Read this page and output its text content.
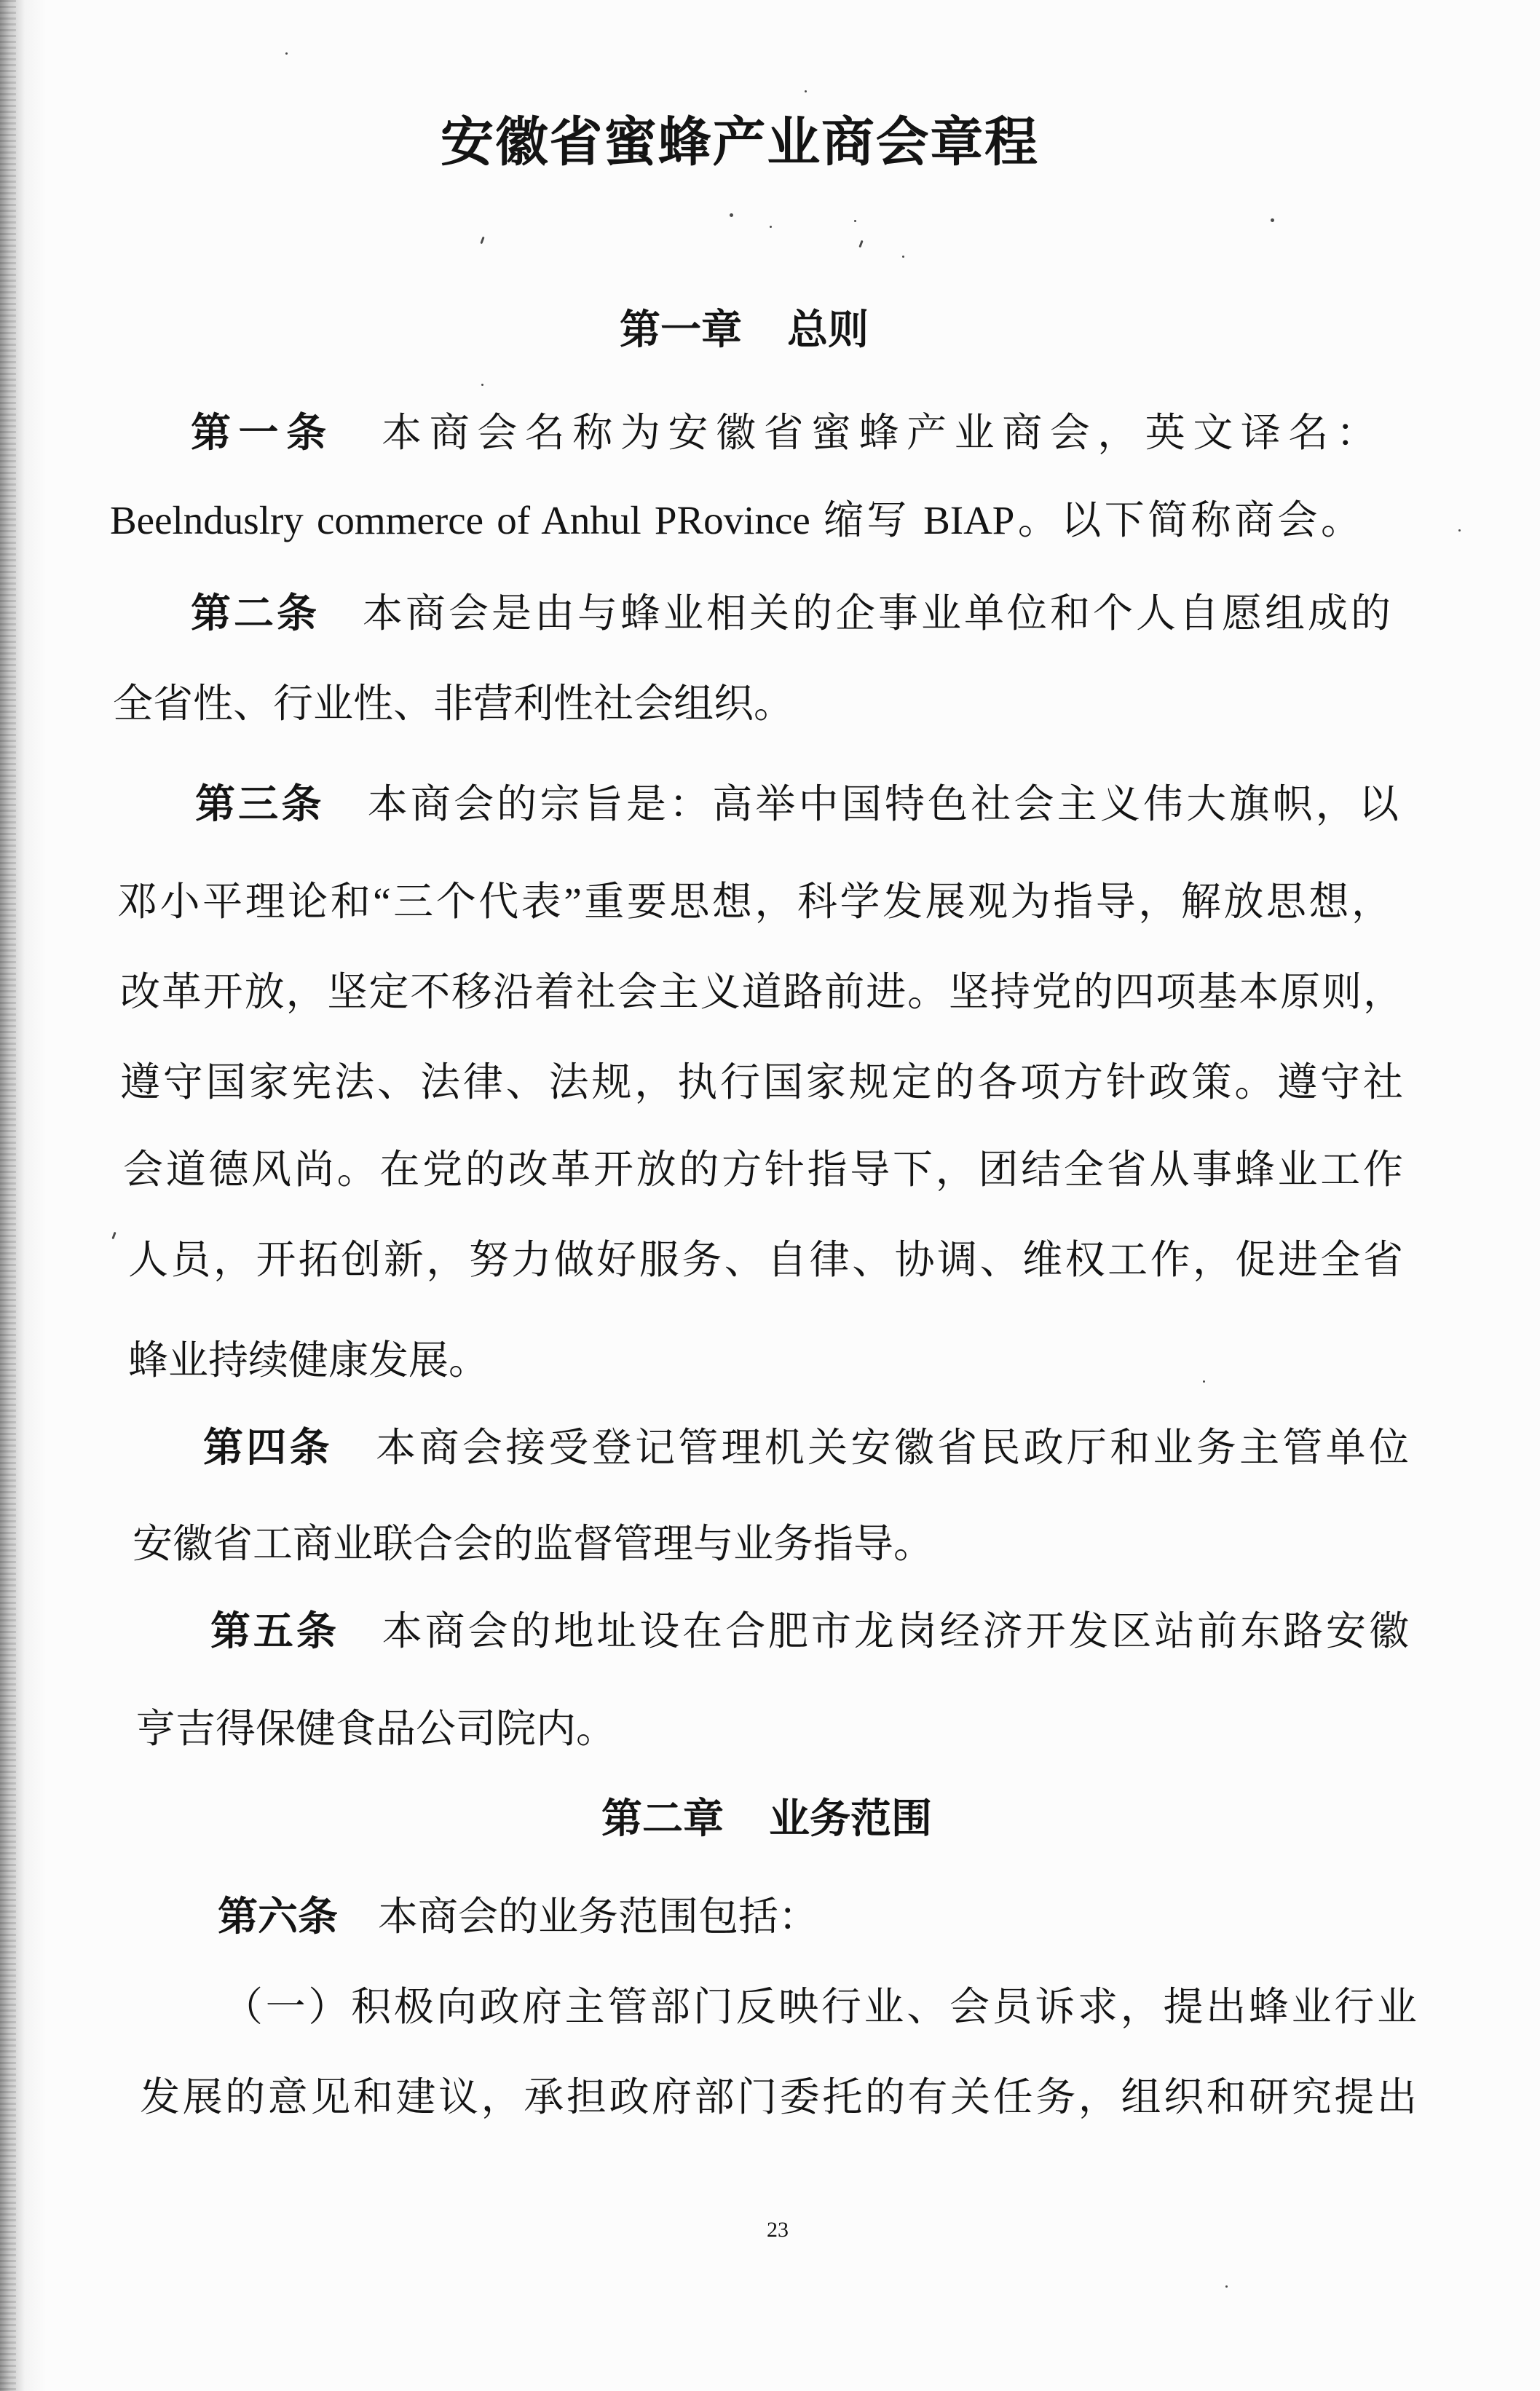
安徽省蜜蜂产业商会章程
第一章 总则
第一条 本商会名称为安徽省蜜蜂产业商会，英文译名：
Beelnduslry commerce of Anhul PRovince 缩写 BIAP。以下简称商会。
第二条 本商会是由与蜂业相关的企事业单位和个人自愿组成的
全省性、行业性、非营利性社会组织。
第三条 本商会的宗旨是：高举中国特色社会主义伟大旗帜，以
邓小平理论和“三个代表”重要思想，科学发展观为指导，解放思想，
改革开放，坚定不移沿着社会主义道路前进。坚持党的四项基本原则，
遵守国家宪法、法律、法规，执行国家规定的各项方针政策。遵守社
会道德风尚。在党的改革开放的方针指导下，团结全省从事蜂业工作
人员，开拓创新，努力做好服务、自律、协调、维权工作，促进全省
蜂业持续健康发展。
第四条 本商会接受登记管理机关安徽省民政厅和业务主管单位
安徽省工商业联合会的监督管理与业务指导。
第五条 本商会的地址设在合肥市龙岗经济开发区站前东路安徽
亨吉得保健食品公司院内。
第二章 业务范围
第六条 本商会的业务范围包括：
（一）积极向政府主管部门反映行业、会员诉求，提出蜂业行业
发展的意见和建议，承担政府部门委托的有关任务，组织和研究提出
23
